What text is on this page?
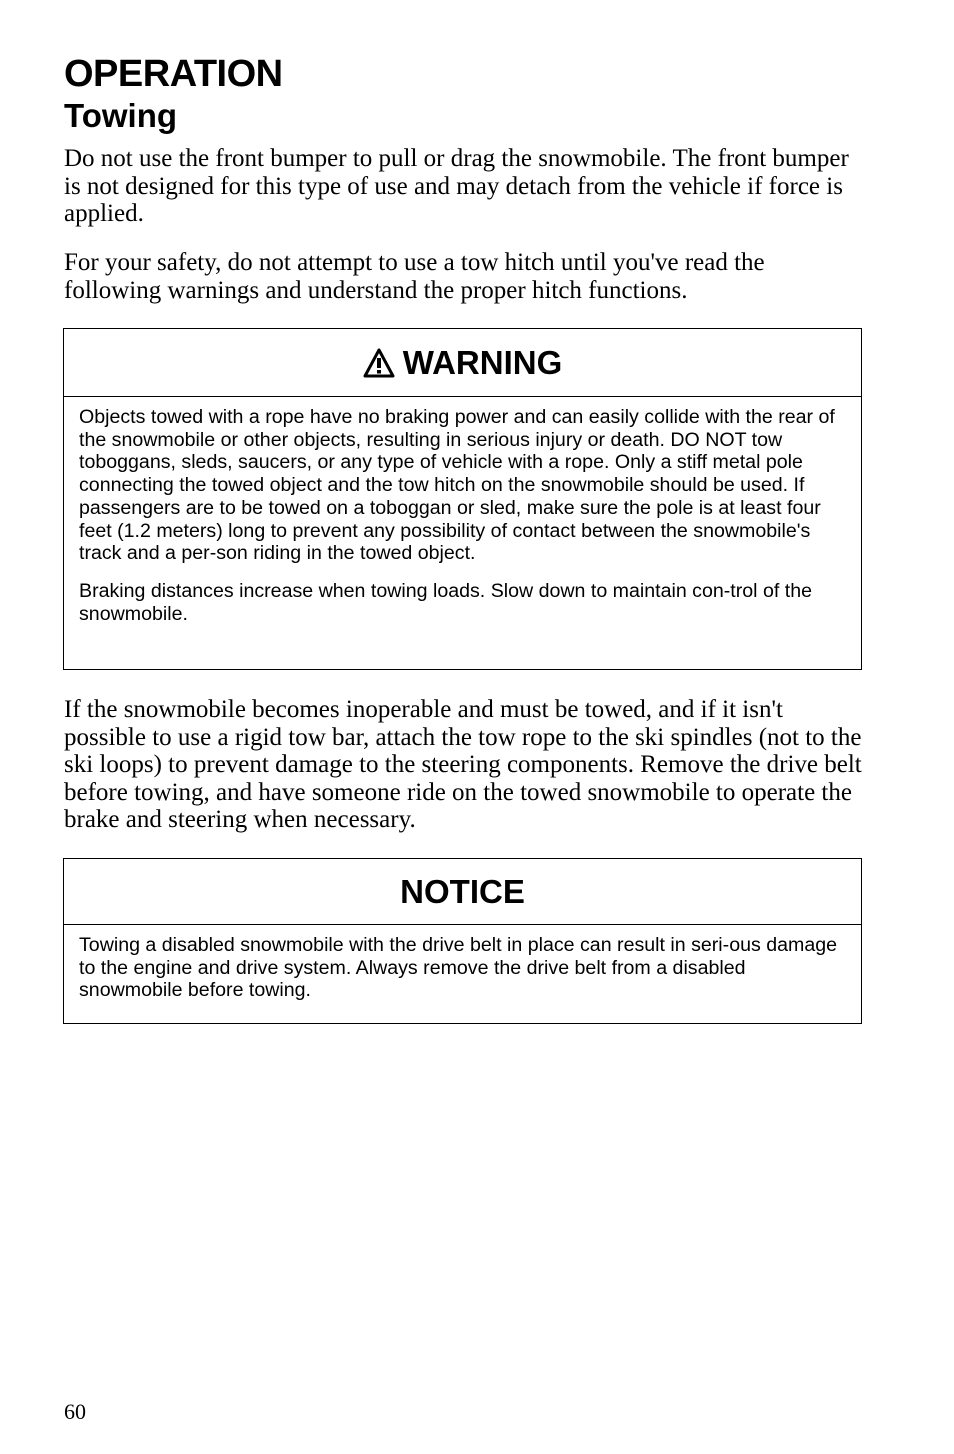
OPERATION
Towing

Do not use the front bumper to pull or drag the snowmobile. The front bumper is not designed for this type of use and may detach from the vehicle if force is applied.

For your safety, do not attempt to use a tow hitch until you've read the following warnings and understand the proper hitch functions.

WARNING

Objects towed with a rope have no braking power and can easily collide with the rear of the snowmobile or other objects, resulting in serious injury or death. DO NOT tow toboggans, sleds, saucers, or any type of vehicle with a rope. Only a stiff metal pole connecting the towed object and the tow hitch on the snowmobile should be used. If passengers are to be towed on a toboggan or sled, make sure the pole is at least four feet (1.2 meters) long to prevent any possibility of contact between the snowmobile's track and a per-son riding in the towed object.

Braking distances increase when towing loads. Slow down to maintain con-trol of the snowmobile.

If the snowmobile becomes inoperable and must be towed, and if it isn't possible to use a rigid tow bar, attach the tow rope to the ski spindles (not to the ski loops) to prevent damage to the steering components. Remove the drive belt before towing, and have someone ride on the towed snowmobile to operate the brake and steering when necessary.

NOTICE

Towing a disabled snowmobile with the drive belt in place can result in seri-ous damage to the engine and drive system. Always remove the drive belt from a disabled snowmobile before towing.

60
